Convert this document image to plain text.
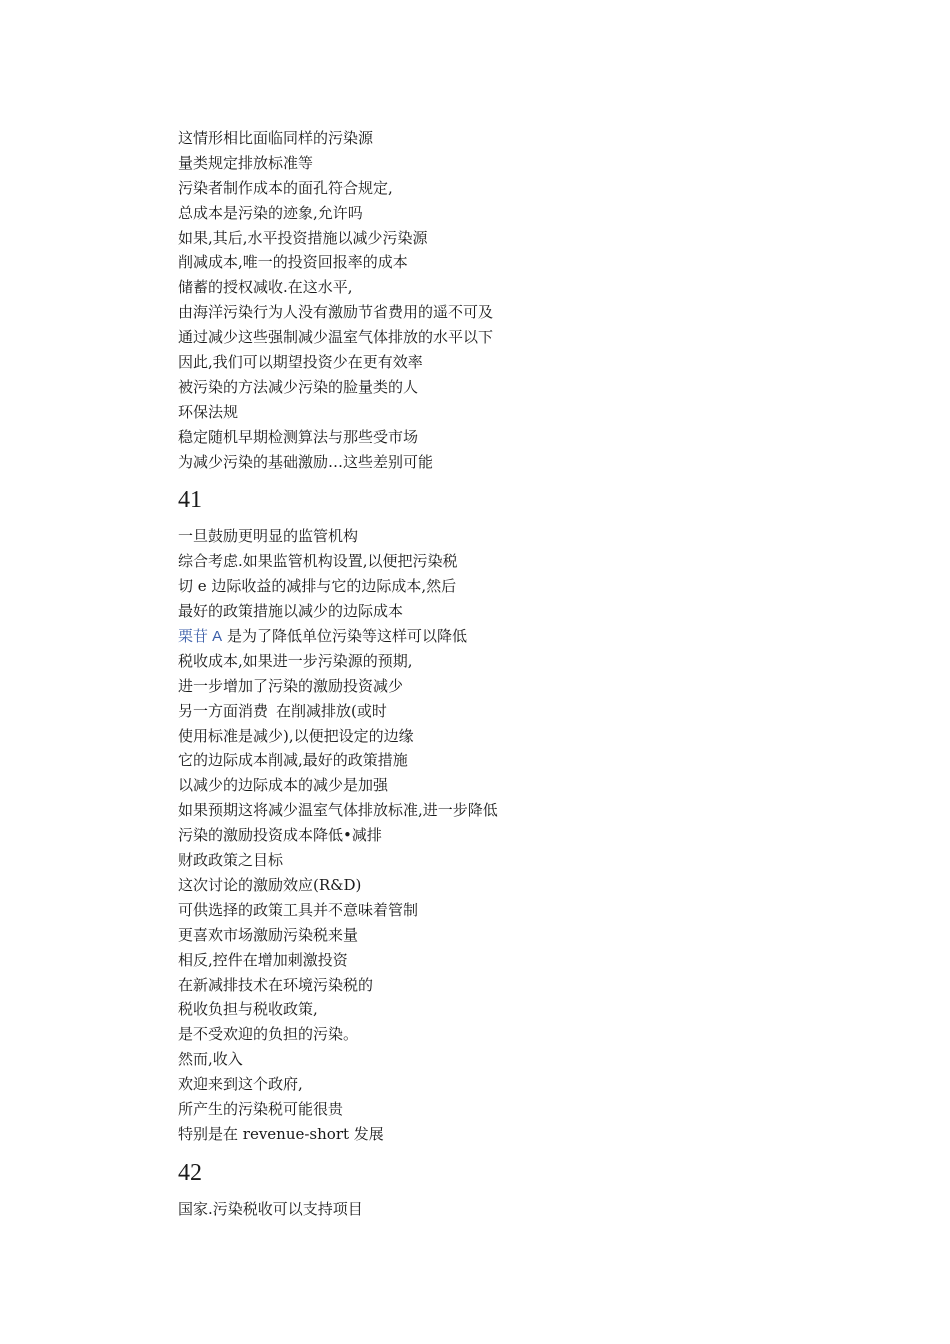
这情形相比面临同样的污染源
量类规定排放标准等
污染者制作成本的面孔符合规定,
总成本是污染的迹象,允许吗
如果,其后,水平投资措施以减少污染源
削减成本,唯一的投资回报率的成本
储蓄的授权减收.在这水平,
由海洋污染行为人没有激励节省费用的遥不可及
通过减少这些强制减少温室气体排放的水平以下
因此,我们可以期望投资少在更有效率
被污染的方法减少污染的脸量类的人
环保法规
稳定随机早期检测算法与那些受市场
为减少污染的基础激励…这些差别可能
41
一旦鼓励更明显的监管机构
综合考虑.如果监管机构设置,以便把污染税
切 e 边际收益的减排与它的边际成本,然后
最好的政策措施以减少的边际成本
栗苷 A 是为了降低单位污染等这样可以降低
税收成本,如果进一步污染源的预期,
进一步增加了污染的激励投资减少
另一方面消费 在削减排放(或时
使用标准是减少),以便把设定的边缘
它的边际成本削减,最好的政策措施
以减少的边际成本的减少是加强
如果预期这将减少温室气体排放标准,进一步降低
污染的激励投资成本降低•减排
财政政策之目标
这次讨论的激励效应(R&D)
可供选择的政策工具并不意味着管制
更喜欢市场激励污染税来量
相反,控件在增加刺激投资
在新减排技术在环境污染税的
税收负担与税收政策,
是不受欢迎的负担的污染。
然而,收入
欢迎来到这个政府,
所产生的污染税可能很贵
特别是在 revenue-short 发展
42
国家.污染税收可以支持项目
